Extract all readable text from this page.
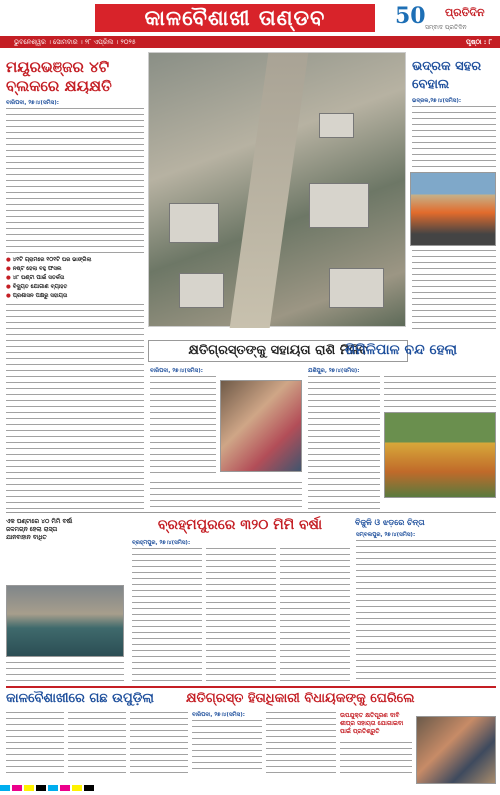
କାଳବୈଶାଖୀ ତାଣ୍ଡବ	50 ପ୍ରତିଦିନ
ସମ୍ବାଦ ପ୍ରତିଦିନ
ଭୁବନେଶ୍ୱର । ସୋମବାର । ୨୮ ଏପ୍ରିଲ । ୨୦୨୫	ପୃଷ୍ଠା : ୮
ମୟୂରଭଞ୍ଜର ୪ଟି ବ୍ଲକରେ କ୍ଷୟକ୍ଷତି
ବାରିପଦା, ୨୭।୪(ସମିସ):
● ୪୧ଟି ଗ୍ରାମରେ ୧୦୧ଟି ଘର ଭାଙ୍ଗିଲା
● ନଷ୍ଟ ହେଲା ବହୁ ଫସଲ
● ୪୮ ଘଣ୍ଟା ପାଇଁ ସତର୍କତା
● ବିଦ୍ୟୁତ ଯୋଗାଣ ବ୍ୟାହତ
● ପ୍ରଶାସନ ପକ୍ଷରୁ ସହାୟତା
ଭଦ୍ରକ ସହର ବେହାଲ
ଭଦ୍ରକ,୨୭।୪(ସମିସ):
କ୍ଷତିଗ୍ରସ୍ତଙ୍କୁ ସହାୟତା ରାଶି ମିଳିବ
ବାରିପଦା, ୨୭।୪(ସମିସ):
ଶିମିଳିପାଳ ବନ୍ଦ ହେଲା
ଯଶିପୁର, ୨୭।୪(ସମିସ):
ଏକ ଘଣ୍ଟାରେ ୪୦ ମିମି ବର୍ଷା
ଜଳମଗ୍ନ ହେଲା ରାସ୍ତା
ଯାନବାହାନ ବାଧିତ
ବ୍ରହ୍ମପୁରରେ ୩୨୦ ମିମି ବର୍ଷା
ବ୍ରହ୍ମପୁର, ୨୭।୪(ସମିସ):
ବିଜୁଳି ଓ ଝଡ଼ରେ ଚିନ୍ତା
ସମ୍ବଲପୁର, ୨୭।୪(ସମିସ):
କାଳବୈଶାଖୀରେ ଗଛ ଉପୁଡ଼ିଲା	କ୍ଷତିଗ୍ରସ୍ତ ହିତାଧିକାରୀ ବିଧାୟକଙ୍କୁ ଘେରିଲେ
ବାରିପଦା, ୨୭।୪(ସମିସ):	ଉପଯୁକ୍ତ କ୍ଷତିପୂରଣ ଦାବି
ଶୀଘ୍ର ସହାୟତା ଯୋଗାଇବା ପାଇଁ ପ୍ରତିଶ୍ରୁତି
